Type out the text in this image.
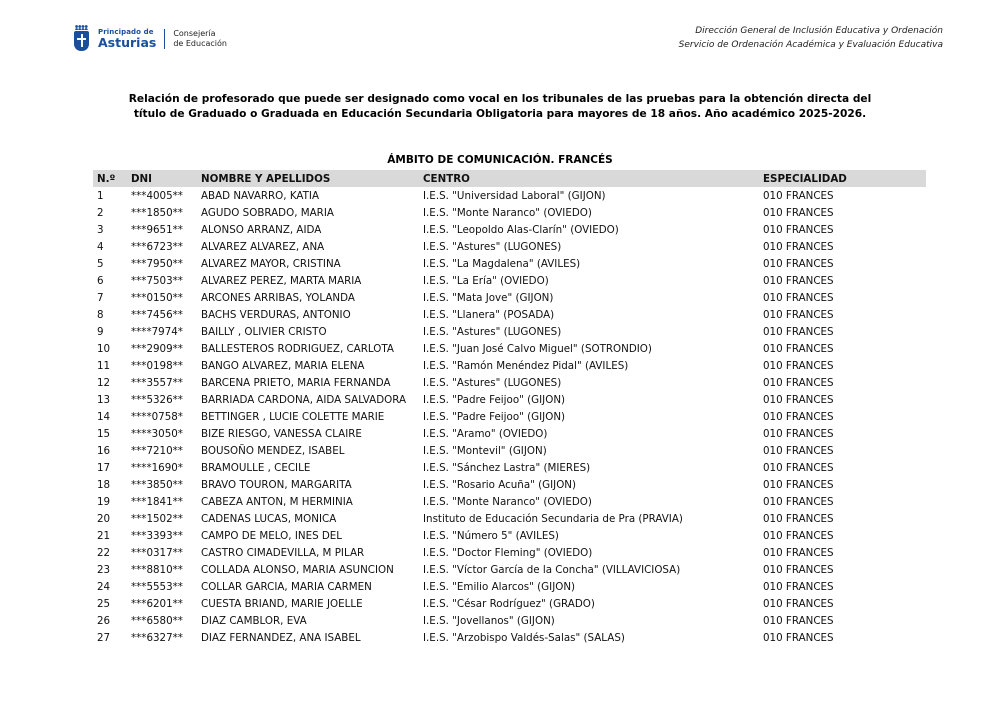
Principado de
Asturias
Consejería
de Educación
Dirección General de Inclusión Educativa y Ordenación
Servicio de Ordenación Académica y Evaluación Educativa
Relación de profesorado que puede ser designado como vocal en los tribunales de las pruebas para la obtención directa del
título de Graduado o Graduada en Educación Secundaria Obligatoria para mayores de 18 años. Año académico 2025-2026.
ÁMBITO DE COMUNICACIÓN. FRANCÉS
N.º	DNI	NOMBRE Y APELLIDOS	CENTRO	ESPECIALIDAD
1	***4005**	ABAD NAVARRO, KATIA	I.E.S. "Universidad Laboral" (GIJON)	010 FRANCES
2	***1850**	AGUDO SOBRADO, MARIA	I.E.S. "Monte Naranco" (OVIEDO)	010 FRANCES
3	***9651**	ALONSO ARRANZ, AIDA	I.E.S. "Leopoldo Alas-Clarín" (OVIEDO)	010 FRANCES
4	***6723**	ALVAREZ ALVAREZ, ANA	I.E.S. "Astures" (LUGONES)	010 FRANCES
5	***7950**	ALVAREZ MAYOR, CRISTINA	I.E.S. "La Magdalena" (AVILES)	010 FRANCES
6	***7503**	ALVAREZ PEREZ, MARTA MARIA	I.E.S. "La Ería" (OVIEDO)	010 FRANCES
7	***0150**	ARCONES ARRIBAS, YOLANDA	I.E.S. "Mata Jove" (GIJON)	010 FRANCES
8	***7456**	BACHS VERDURAS, ANTONIO	I.E.S. "Llanera" (POSADA)	010 FRANCES
9	****7974*	BAILLY , OLIVIER CRISTO	I.E.S. "Astures" (LUGONES)	010 FRANCES
10	***2909**	BALLESTEROS RODRIGUEZ, CARLOTA	I.E.S. "Juan José Calvo Miguel" (SOTRONDIO)	010 FRANCES
11	***0198**	BANGO ALVAREZ, MARIA ELENA	I.E.S. "Ramón Menéndez Pidal" (AVILES)	010 FRANCES
12	***3557**	BARCENA PRIETO, MARIA FERNANDA	I.E.S. "Astures" (LUGONES)	010 FRANCES
13	***5326**	BARRIADA CARDONA, AIDA SALVADORA	I.E.S. "Padre Feijoo" (GIJON)	010 FRANCES
14	****0758*	BETTINGER , LUCIE COLETTE MARIE	I.E.S. "Padre Feijoo" (GIJON)	010 FRANCES
15	****3050*	BIZE RIESGO, VANESSA CLAIRE	I.E.S. "Aramo" (OVIEDO)	010 FRANCES
16	***7210**	BOUSOÑO MENDEZ, ISABEL	I.E.S. "Montevil" (GIJON)	010 FRANCES
17	****1690*	BRAMOULLE , CECILE	I.E.S. "Sánchez Lastra" (MIERES)	010 FRANCES
18	***3850**	BRAVO TOURON, MARGARITA	I.E.S. "Rosario Acuña" (GIJON)	010 FRANCES
19	***1841**	CABEZA ANTON, M HERMINIA	I.E.S. "Monte Naranco" (OVIEDO)	010 FRANCES
20	***1502**	CADENAS LUCAS, MONICA	Instituto de Educación Secundaria de Pra (PRAVIA)	010 FRANCES
21	***3393**	CAMPO DE MELO, INES DEL	I.E.S. "Número 5" (AVILES)	010 FRANCES
22	***0317**	CASTRO CIMADEVILLA, M PILAR	I.E.S. "Doctor Fleming" (OVIEDO)	010 FRANCES
23	***8810**	COLLADA ALONSO, MARIA ASUNCION	I.E.S. "Víctor García de la Concha" (VILLAVICIOSA)	010 FRANCES
24	***5553**	COLLAR GARCIA, MARIA CARMEN	I.E.S. "Emilio Alarcos" (GIJON)	010 FRANCES
25	***6201**	CUESTA BRIAND, MARIE JOELLE	I.E.S. "César Rodríguez" (GRADO)	010 FRANCES
26	***6580**	DIAZ CAMBLOR, EVA	I.E.S. "Jovellanos" (GIJON)	010 FRANCES
27	***6327**	DIAZ FERNANDEZ, ANA ISABEL	I.E.S. "Arzobispo Valdés-Salas" (SALAS)	010 FRANCES
